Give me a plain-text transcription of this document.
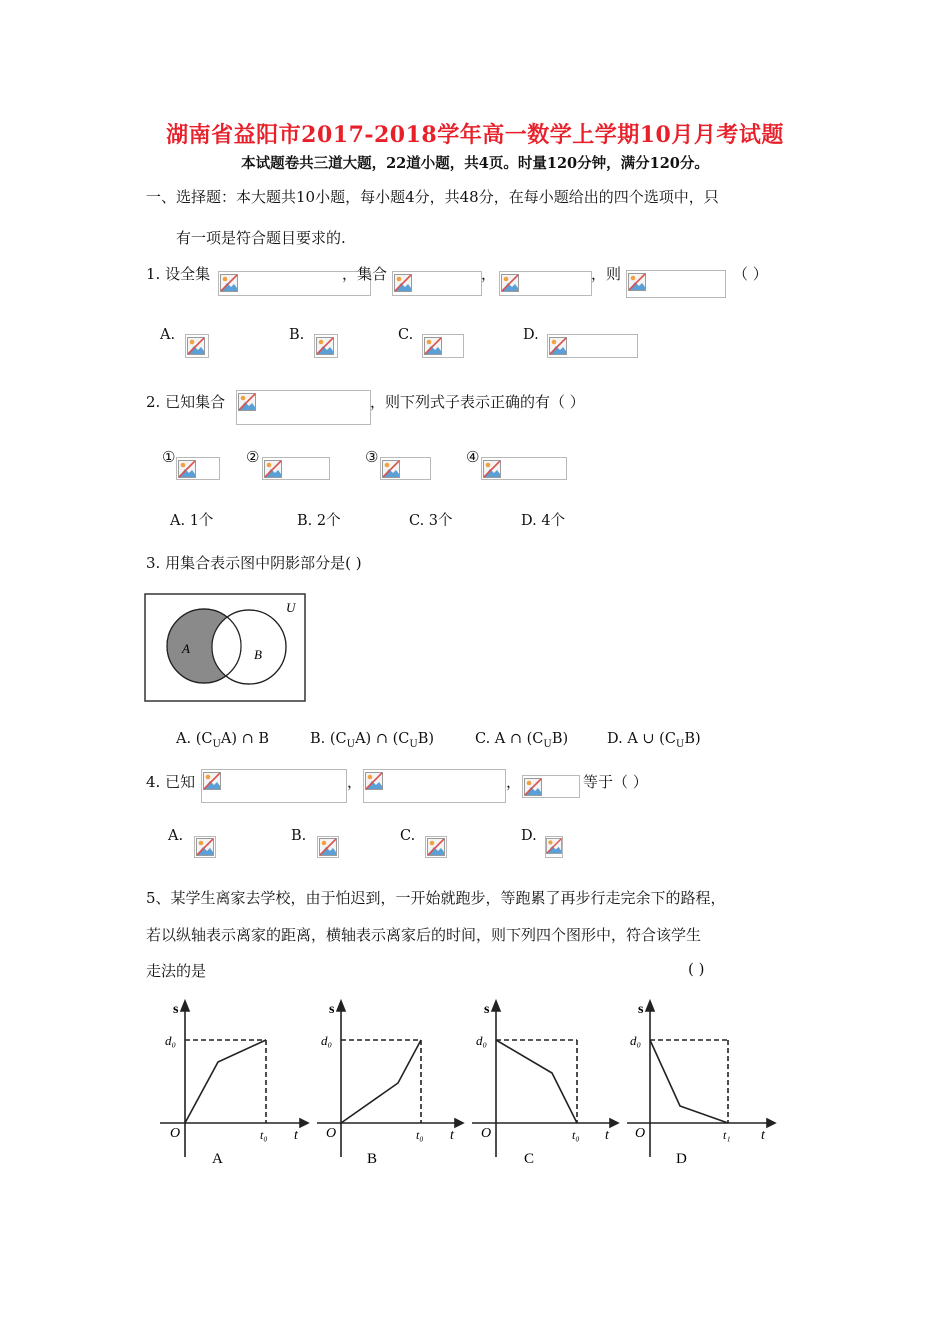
湖南省益阳市2017-2018学年高一数学上学期10月月考试题
本试题卷共三道大题，22道小题，共4页。时量120分钟，满分120分。
一、选择题：本大题共10小题，每小题4分，共48分，在每小题给出的四个选项中，只
有一项是符合题目要求的.
1. 设全集	，集合	，	，则	（ ）
A.	B.	C.	D.
2. 已知集合	，则下列式子表示正确的有（ ）
①	②	③	④
A. 1个	B. 2个	C. 3个	D. 4个
3. 用集合表示图中阴影部分是( )
U
A	B
A. $(C_UA)$ ∩ B	B. $(C_UA)$ ∩ $(C_UB)$	C. A ∩ $(C_UB)$	D. A ∪ $(C_UB)$
4. 已知	，	，	等于（ ）
A.	B.	C.	D.
5、某学生离家去学校，由于怕迟到，一开始就跑步，等跑累了再步行走完余下的路程，
若以纵轴表示离家的距离，横轴表示离家后的时间，则下列四个图形中，符合该学生
走法的是	( )
s
d₀
O	t₀ t
A
s
d₀
O	t₀ t
B
s
d₀
O	t₀ t
C
s
d₀
O	t₁ t
D
